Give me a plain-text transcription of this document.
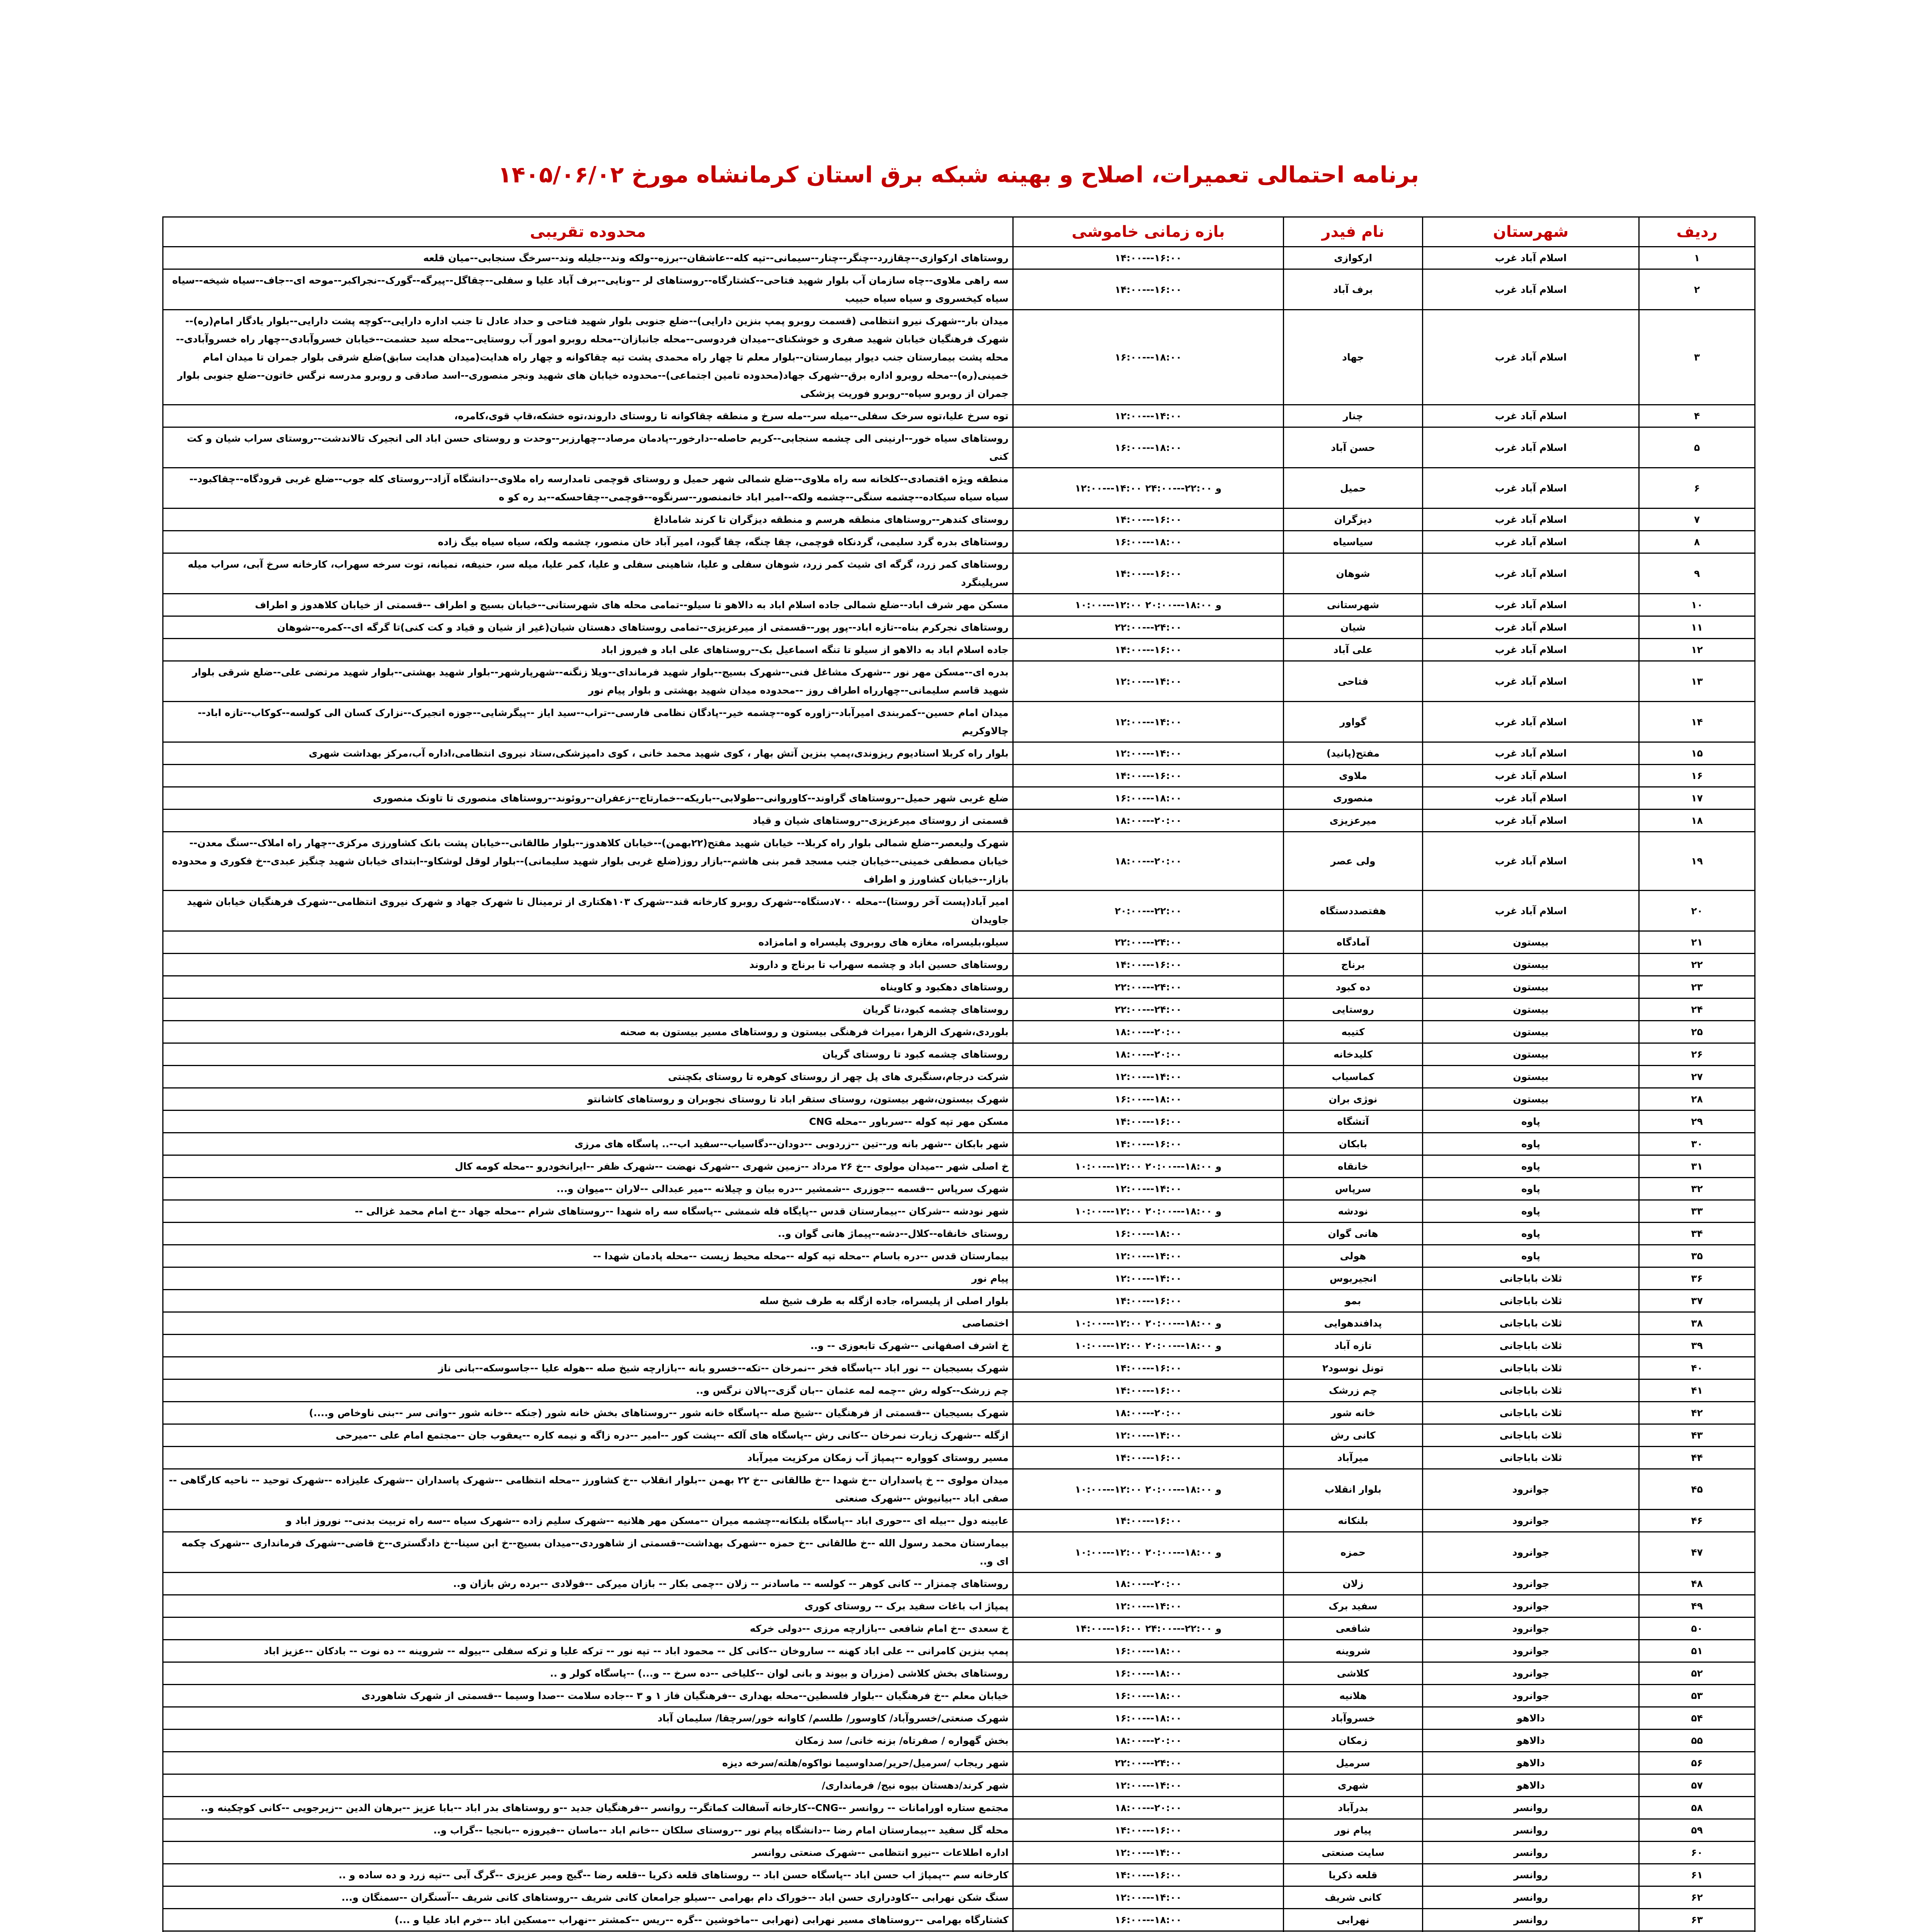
برنامه احتمالی تعمیرات، اصلاح و بهینه شبکه برق استان کرمانشاه مورخ ۱۴۰۵/۰۶/۰۲
ردیف	شهرستان	نام فیدر	بازه زمانی خاموشی	محدوده تقریبی
۱	اسلام آباد غرب	ارکوازی	۱۴:۰۰---۱۶:۰۰	روستاهای ارکوازی--چقازرد--چنگر--چنار--سیمانی--تپه کله--عاشقان--برزه--ولکه وند--جلیله وند--سرخگ سنجابی--میان قلعه
۲	اسلام آباد غرب	برف آباد	۱۴:۰۰---۱۶:۰۰	سه راهی ملاوی--چاه سازمان آب بلوار شهید فتاحی--کشتارگاه--روستاهای لر --ونایی--برف آباد علیا و سفلی--چقاگل--پیرگه--گورک--نجراکبر--موحه ای--جاف--سیاه شیخه--سیاه سیاه کیخسروی و سیاه سیاه حبیب
۳	اسلام آباد غرب	جهاد	۱۶:۰۰---۱۸:۰۰	میدان بار--شهرک نیرو انتظامی (قسمت روبرو پمپ بنزین دارایی)--ضلع جنوبی بلوار شهید فتاحی و حداد عادل تا جنب اداره دارایی--کوچه پشت دارایی--بلوار یادگار امام(ره)--شهرک فرهنگیان خیابان شهید صفری و خوشکنای--میدان فردوسی--محله جانبازان--محله روبرو امور آب روستایی--محله سید حشمت--خیابان خسروآبادی--چهار راه خسروآبادی--محله پشت بیمارستان جنب دیوار بیمارستان--بلوار معلم تا چهار راه محمدی پشت تپه چقاکوانه و چهار راه هدایت(میدان هدایت سابق)ضلع شرقی بلوار جمران تا میدان امام خمینی(ره)--محله روبرو اداره برق--شهرک جهاد(محدوده تامین اجتماعی)--محدوده خیابان های شهید ونجر منصوری--اسد صادقی و روبرو مدرسه نرگس خاتون--ضلع جنوبی بلوار جمران از روبرو سپاه--روبرو فوریت پزشکی
۴	اسلام آباد غرب	چنار	۱۲:۰۰---۱۴:۰۰	توه سرخ علیا،توه سرخک سفلی--میله سر--مله سرخ و منطقه چقاکوانه تا روستای داروند،توه خشکه،قاپ قوی،کامره،
۵	اسلام آباد غرب	حسن آباد	۱۶:۰۰---۱۸:۰۰	روستاهای سیاه خور--ارنینی الی چشمه سنجابی--کریم حاصله--دارخور--پادمان مرصاد--چهارزبر--وحدت و روستای حسن اباد الی انجیرک تالاندشت--روستای سراب شیان و کت کنی
۶	اسلام آباد غرب	حمیل	۱۲:۰۰---۱۴:۰۰ و ۲۲:۰۰---۲۴:۰۰	منطقه ویژه اقتصادی--کلخانه سه راه ملاوی--ضلع شمالی شهر حمیل و روستای قوچمی تامدارسه راه ملاوی--دانشگاه آزاد--روستای کله جوب--ضلع غربی قرودگاه--چقاکبود--سیاه سیاه سیکاده--چشمه سنگی--چشمه ولکه--امیر اباد خانمنصور--سرنگوه--قوچمی--چقاحسکه--بد ره کو ه
۷	اسلام آباد غرب	دیزگران	۱۴:۰۰---۱۶:۰۰	روستای کندهر--روستاهای منطقه هرسم و منطقه دیزگران تا کرند شاماداغ
۸	اسلام آباد غرب	سیاسیاه	۱۶:۰۰---۱۸:۰۰	روستاهای بدره گرد سلیمی، گردنکاه قوچمی، چقا چنگه، چقا گبود، امیر آباد خان منصور، چشمه ولکه، سیاه سیاه بیگ زاده
۹	اسلام آباد غرب	شوهان	۱۴:۰۰---۱۶:۰۰	روستاهای کمر زرد، گرگه ای شیث کمر زرد، شوهان سفلی و علیا، شاهینی سفلی و علیا، کمر علیا، میله سر، حنیفه، نمیانه، توت سرخه سهراب، کارخانه سرخ آبی، سراب میله سرپلینگرد
۱۰	اسلام آباد غرب	شهرستانی	۱۰:۰۰---۱۲:۰۰ و ۱۸:۰۰---۲۰:۰۰	مسکن مهر شرف اباد--ضلع شمالی جاده اسلام اباد به دالاهو تا سیلو--تمامی محله های شهرستانی--خیابان بسیج و اطراف --قسمتی از خیابان کلاهدوز و اطراف
۱۱	اسلام آباد غرب	شیان	۲۲:۰۰---۲۴:۰۰	روستاهای نجرکرم بناه--تازه اباد--پور پور--قسمتی از میرعزیزی--تمامی روستاهای دهستان شیان(غیر از شیان و قیاد و کت کنی)تا گرگه ای--کمره--شوهان
۱۲	اسلام آباد غرب	علی آباد	۱۴:۰۰---۱۶:۰۰	جاده اسلام اباد به دالاهو از سیلو تا تنگه اسماعیل بک--روستاهای علی اباد و فیروز اباد
۱۳	اسلام آباد غرب	فتاحی	۱۲:۰۰---۱۴:۰۰	بدره ای--مسکن مهر نور --شهرک مشاغل فنی--شهرک بسیج--بلوار شهید فرماندای--ویلا زنگنه--شهرپارشهر--بلوار شهید بهشتی--بلوار شهید مرتضی علی--ضلع شرقی بلوار شهید قاسم سلیمانی--چهارراه اطراف روز --محدوده میدان شهید بهشتی و بلوار پیام نور
۱۴	اسلام آباد غرب	گواور	۱۲:۰۰---۱۴:۰۰	میدان امام حسین--کمربندی امیرآباد--زاوره کوه--چشمه خیر--پادگان نظامی فارسی--تراب--سید ایاز --پیگرشایی--جوزه انجیرک--نزارک کسان الی کولسه--کوکاب--تازه اباد--چالاوکریم
۱۵	اسلام آباد غرب	مفتح(پانید)	۱۲:۰۰---۱۴:۰۰	بلوار راه کربلا استادیوم ریزوندی،پمپ بنزین آتش بهار ، کوی شهید محمد خانی ، کوی دامپزشکی،ستاد نیروی انتظامی،اداره آب،مرکز بهداشت شهری
۱۶	اسلام آباد غرب	ملاوی	۱۴:۰۰---۱۶:۰۰	
۱۷	اسلام آباد غرب	منصوری	۱۶:۰۰---۱۸:۰۰	ضلع غربی شهر حمیل--روستاهای گراوند--کاوروانی--طولابی--باریکه--خمارتاج--زعفران--روئوند--روستاهای منصوری تا تاونک منصوری
۱۸	اسلام آباد غرب	میرعزیزی	۱۸:۰۰---۲۰:۰۰	قسمتی از روستای میرعزیزی--روستاهای شیان و قیاد
۱۹	اسلام آباد غرب	ولی عصر	۱۸:۰۰---۲۰:۰۰	شهرک ولیعصر--ضلع شمالی بلوار راه کربلا-- خیابان شهید مفتح(۲۲بهمن)--خیابان کلاهدوز--بلوار طالقانی--خیابان پشت بانک کشاورزی مرکزی--چهار راه املاک--سنگ معدن--خیابان مصطفی خمینی--خیابان جنب مسجد قمر بنی هاشم--بازار روز(ضلع غربی بلوار شهید سلیمانی)--بلوار لوقل لوشکاو--ابتدای خیابان شهید چنگیز عبدی--خ فکوری و محدوده بازار--خیابان کشاورز و اطراف
۲۰	اسلام آباد غرب	هفتصددستگاه	۲۰:۰۰---۲۲:۰۰	امیر آباد(پست آخر روستا)--محله ۷۰۰دستگاه--شهرک روبرو کارخانه قند--شهرک ۱۰۳هکتاری از ترمینال تا شهرک جهاد و شهرک نیروی انتظامی--شهرک فرهنگیان خیابان شهید جاویدان
۲۱	بیستون	آمادگاه	۲۲:۰۰---۲۴:۰۰	سیلو،بلیسراه، مغازه های روبروی پلیسراه و امامزاده
۲۲	بیستون	برناج	۱۴:۰۰---۱۶:۰۰	روستاهای حسین اباد و چشمه سهراب تا برناج و داروند
۲۳	بیستون	ده کبود	۲۲:۰۰---۲۴:۰۰	روستاهای دهکبود و کاویناه
۲۴	بیستون	روستایی	۲۲:۰۰---۲۴:۰۰	روستاهای چشمه کبود،تا گریان
۲۵	بیستون	کتیبه	۱۸:۰۰---۲۰:۰۰	بلوردی،شهرک الزهرا ،میراث فرهنگی بیستون و روستاهای مسیر بیستون به صحنه
۲۶	بیستون	کلیدخانه	۱۸:۰۰---۲۰:۰۰	روستاهای چشمه کبود تا روستای گریان
۲۷	بیستون	کماسیاب	۱۲:۰۰---۱۴:۰۰	شرکت درجام،سنگبری های پل چهر از روستای کوهره تا روستای بکچنتی
۲۸	بیستون	نوژی بران	۱۶:۰۰---۱۸:۰۰	شهرک بیستون،شهر بیستون، روستای ستقر اباد تا روستای نجوبران و روستاهای کاشانتو
۲۹	پاوه	آتشگاه	۱۴:۰۰---۱۶:۰۰	مسکن مهر تپه کوله --سرباور --محله CNG
۳۰	پاوه	بابکان	۱۴:۰۰---۱۶:۰۰	شهر بابکان --شهر بانه ور--تین --زردوبی --دودان--دگاسیاب--سفید اب--.. پاسگاه های مرزی
۳۱	پاوه	خانقاه	۱۰:۰۰---۱۲:۰۰ و ۱۸:۰۰---۲۰:۰۰	خ اصلی شهر --میدان مولوی --خ ۲۶ مرداد --زمین شهری --شهرک نهضت --شهرک ظفر --ایرانخودرو --محله کومه کال
۳۲	پاوه	سرپاس	۱۲:۰۰---۱۴:۰۰	شهرک سرپاس --قسمه --جوزری --شمشیر --دره بیان و چیلانه --میر عبدالی --لاران --میوان و...
۳۳	پاوه	نودشه	۱۰:۰۰---۱۲:۰۰ و ۱۸:۰۰---۲۰:۰۰	شهر نودشه --شرکان --بیمارستان قدس --پایگاه فله شمشی --پاسگاه سه راه شهدا --روستاهای شرام --محله جهاد --خ امام محمد غزالی --
۳۴	پاوه	هانی گوان	۱۶:۰۰---۱۸:۰۰	روستای خانقاه--کلال--دشه--پیماژ هانی گوان و..
۳۵	پاوه	هولی	۱۲:۰۰---۱۴:۰۰	بیمارستان قدس --دره باسام --محله تپه کوله --محله محیط زیست --محله پادمان شهدا --
۳۶	ثلاث باباجانی	انجیربوس	۱۲:۰۰---۱۴:۰۰	پیام نور
۳۷	ثلاث باباجانی	بمو	۱۴:۰۰---۱۶:۰۰	بلوار اصلی از پلیسراه، جاده ازگله به طرف شیخ سله
۳۸	ثلاث باباجانی	پدافندهوایی	۱۰:۰۰---۱۲:۰۰ و ۱۸:۰۰---۲۰:۰۰	اختصاصی
۳۹	ثلاث باباجانی	تازه آباد	۱۰:۰۰---۱۲:۰۰ و ۱۸:۰۰---۲۰:۰۰	خ اشرف اصفهانی --شهرک تابعوزی -- و..
۴۰	ثلاث باباجانی	تونل نوسود۲	۱۴:۰۰---۱۶:۰۰	شهرک بسیجیان -- نور اباد --پاسگاه فخر --نمرخان --تکه--خسرو بانه --بازارچه شیخ صله --هوله علیا --جاسوسکه--بانی ناز
۴۱	ثلاث باباجانی	چم زرشک	۱۴:۰۰---۱۶:۰۰	چم زرشک--کوله رش --چمه لمه عثمان --بان گزی--پالان نرگس و..
۴۲	ثلاث باباجانی	خانه شور	۱۸:۰۰---۲۰:۰۰	شهرک بسیجیان --قسمتی از فرهنگیان --شیخ صله --پاسگاه خانه شور --روستاهای بخش خانه شور (جنکه --خانه شور --وانی سر --بنی ناوخاص و....)
۴۳	ثلاث باباجانی	کانی رش	۱۲:۰۰---۱۴:۰۰	ازگله --شهرک زیارت نمرخان --کانی رش --پاسگاه های آلکه --پشت کور --امیر --دره زاگه و نیمه کاره --یعقوب جان --مجتمع امام علی --میرحی
۴۴	ثلاث باباجانی	میرآباد	۱۴:۰۰---۱۶:۰۰	مسیر روستای کوواره --پمپاژ آب زمکان مرکزیت میرآباد
۴۵	جوانرود	بلوار انقلاب	۱۰:۰۰---۱۲:۰۰ و ۱۸:۰۰---۲۰:۰۰	میدان مولوی -- خ پاسداران --خ شهدا --خ طالقانی --خ ۲۲ بهمن --بلوار انقلاب --خ کشاورز --محله انتظامی --شهرک پاسداران --شهرک علیزاده --شهرک توحید -- ناحیه کارگاهی -- صفی اباد --بیانیوش --شهرک صنعتی
۴۶	جوانرود	بلنکانه	۱۴:۰۰---۱۶:۰۰	عابینه دول --بیله ای --حوری اباد --پاسگاه بلنکانه--چشمه میران --مسکن مهر هلانیه --شهرک سلیم زاده --شهرک سیاه --سه راه تربیت بدنی-- نوروز اباد و
۴۷	جوانرود	حمزه	۱۰:۰۰---۱۲:۰۰ و ۱۸:۰۰---۲۰:۰۰	بیمارستان محمد رسول الله --خ طالقانی --خ حمزه --شهرک بهداشت--قسمتی از شاهوردی--میدان بسیج--خ ابن سینا--خ دادگستری--خ قاضی--شهرک فرمانداری --شهرک چکمه ای و..
۴۸	جوانرود	زلان	۱۸:۰۰---۲۰:۰۰	روستاهای چمنزار -- کانی کوهر -- کولسه -- ماسادنر -- زلان --چمی بکار -- بازان میرکی --فولادی --برده رش بازان و..
۴۹	جوانرود	سفید برک	۱۲:۰۰---۱۴:۰۰	پمپاژ اب باغات سفید برک -- روستای کوری
۵۰	جوانرود	شافعی	۱۴:۰۰---۱۶:۰۰ و ۲۲:۰۰---۲۴:۰۰	خ سعدی --خ امام شافعی --بازارچه مرزی --دولی خرکه
۵۱	جوانرود	شروینه	۱۶:۰۰---۱۸:۰۰	پمپ بنزین کامرانی -- علی اباد کهنه -- ساروخان --کانی کل -- محمود اباد -- تپه نور -- ترکه علیا و ترکه سفلی --بیوله -- شروینه -- ده نوت -- بادکان --عزیز اباد
۵۲	جوانرود	کلاشی	۱۶:۰۰---۱۸:۰۰	روستاهای بخش کلاشی (مزران و بیوند و بانی لوان --کلیاخی --ده سرخ -- و...) --پاسگاه کولر و ..
۵۳	جوانرود	هلانیه	۱۶:۰۰---۱۸:۰۰	خیابان معلم --خ فرهنگیان --بلوار فلسطین--محله بهداری --فرهنگیان فاز ۱ و ۳ --جاده سلامت --صدا وسیما --قسمتی از شهرک شاهوردی
۵۴	دالاهو	خسروآباد	۱۶:۰۰---۱۸:۰۰	شهرک صنعتی/خسروآباد/ کاوسور/ طلسم/ کاوانه خور/سرچقا/ سلیمان آباد
۵۵	دالاهو	زمکان	۱۸:۰۰---۲۰:۰۰	بخش گهواره / صفرتاه/ بزنه خانی/ سد زمکان
۵۶	دالاهو	سرمیل	۲۲:۰۰---۲۴:۰۰	شهر ریجاب /سرمیل/حریر/صداوسیما نواکوه/هلته/سرخه دیزه
۵۷	دالاهو	شهری	۱۲:۰۰---۱۴:۰۰	شهر کرند/دهستان بیوه نیج/ فرمانداری/
۵۸	روانسر	بدرآباد	۱۸:۰۰---۲۰:۰۰	مجتمع ستاره اورامانات -- روانسر --CNG--کارخانه آسفالت کماتگر-- روانسر --فرهنگیان جدید --و روستاهای بدر اباد --بابا عزیز --برهان الدین --زیرجویی --کانی کوچکینه و..
۵۹	روانسر	پیام نور	۱۴:۰۰---۱۶:۰۰	محله گل سفید --بیمارستان امام رضا --دانشگاه پیام نور --روستای سلکان --خانم اباد --ماسان --فیروزه --بانجیا --گراب و..
۶۰	روانسر	سایت صنعتی	۱۲:۰۰---۱۴:۰۰	اداره اطلاعات --نیرو انتظامی --شهرک صنعتی روانسر
۶۱	روانسر	قلعه ذکریا	۱۴:۰۰---۱۶:۰۰	کارخانه سم --پمپاژ اب حسن اباد --پاسگاه حسن اباد -- روستاهای قلعه ذکریا --قلعه رضا --گیج ومیر عزیزی --گرگ آبی --تپه زرد و ده ساده و ..
۶۲	روانسر	کانی شریف	۱۲:۰۰---۱۴:۰۰	سنگ شکن نهرابی --کاودراری حسن اباد --خوراک دام بهرامی --سیلو جرامعان کانی شریف --روستاهای کانی شریف --آسنگران --سمنگان و...
۶۳	روانسر	نهرابی	۱۶:۰۰---۱۸:۰۰	کشتارگاه بهرامی --روستاهای مسیر نهرابی (نهرابی --ماخوشین --گره --ریس --کمشتر --نهراب --مسکین اباد --خرم اباد علیا و ...)
